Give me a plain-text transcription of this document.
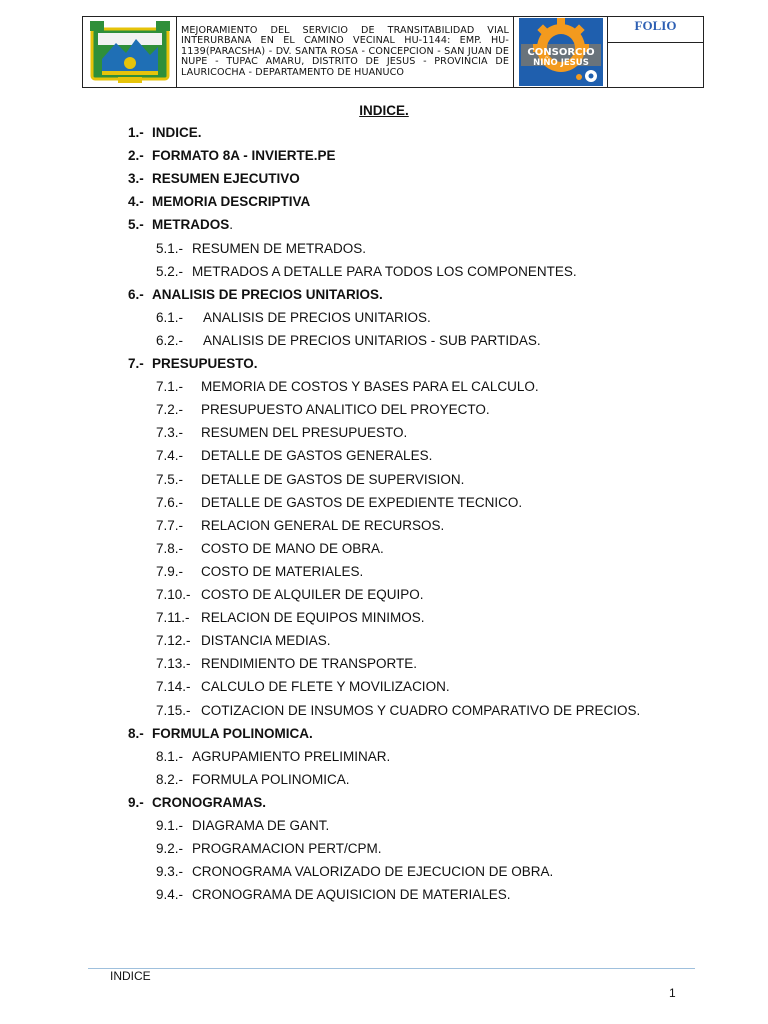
MEJORAMIENTO DEL SERVICIO DE TRANSITABILIDAD VIAL INTERURBANA EN EL CAMINO VECINAL HU-1144: EMP. HU-1139(PARACSHA) - DV. SANTA ROSA - CONCEPCION - SAN JUAN DE NUPE - TUPAC AMARU, DISTRITO DE JESUS - PROVINCIA DE LAURICOCHA - DEPARTAMENTO DE HUANUCO
CONSORCIO
NIÑO JESUS
FOLIO
INDICE.
1.- INDICE.
2.- FORMATO 8A - INVIERTE.PE
3.- RESUMEN EJECUTIVO
4.- MEMORIA DESCRIPTIVA
5.- METRADOS.
5.1.- RESUMEN DE METRADOS.
5.2.- METRADOS A DETALLE PARA TODOS LOS COMPONENTES.
6.- ANALISIS DE PRECIOS UNITARIOS.
6.1.- ANALISIS DE PRECIOS UNITARIOS.
6.2.- ANALISIS DE PRECIOS UNITARIOS - SUB PARTIDAS.
7.- PRESUPUESTO.
7.1.- MEMORIA DE COSTOS Y BASES PARA EL CALCULO.
7.2.- PRESUPUESTO ANALITICO DEL PROYECTO.
7.3.- RESUMEN DEL PRESUPUESTO.
7.4.- DETALLE DE GASTOS GENERALES.
7.5.- DETALLE DE GASTOS DE SUPERVISION.
7.6.- DETALLE DE GASTOS DE EXPEDIENTE TECNICO.
7.7.- RELACION GENERAL DE RECURSOS.
7.8.- COSTO DE MANO DE OBRA.
7.9.- COSTO DE MATERIALES.
7.10.- COSTO DE ALQUILER DE EQUIPO.
7.11.- RELACION DE EQUIPOS MINIMOS.
7.12.- DISTANCIA MEDIAS.
7.13.- RENDIMIENTO DE TRANSPORTE.
7.14.- CALCULO DE FLETE Y MOVILIZACION.
7.15.- COTIZACION DE INSUMOS Y CUADRO COMPARATIVO DE PRECIOS.
8.- FORMULA POLINOMICA.
8.1.- AGRUPAMIENTO PRELIMINAR.
8.2.- FORMULA POLINOMICA.
9.- CRONOGRAMAS.
9.1.- DIAGRAMA DE GANT.
9.2.- PROGRAMACION PERT/CPM.
9.3.- CRONOGRAMA VALORIZADO DE EJECUCION DE OBRA.
9.4.- CRONOGRAMA DE AQUISICION DE MATERIALES.
INDICE
1
